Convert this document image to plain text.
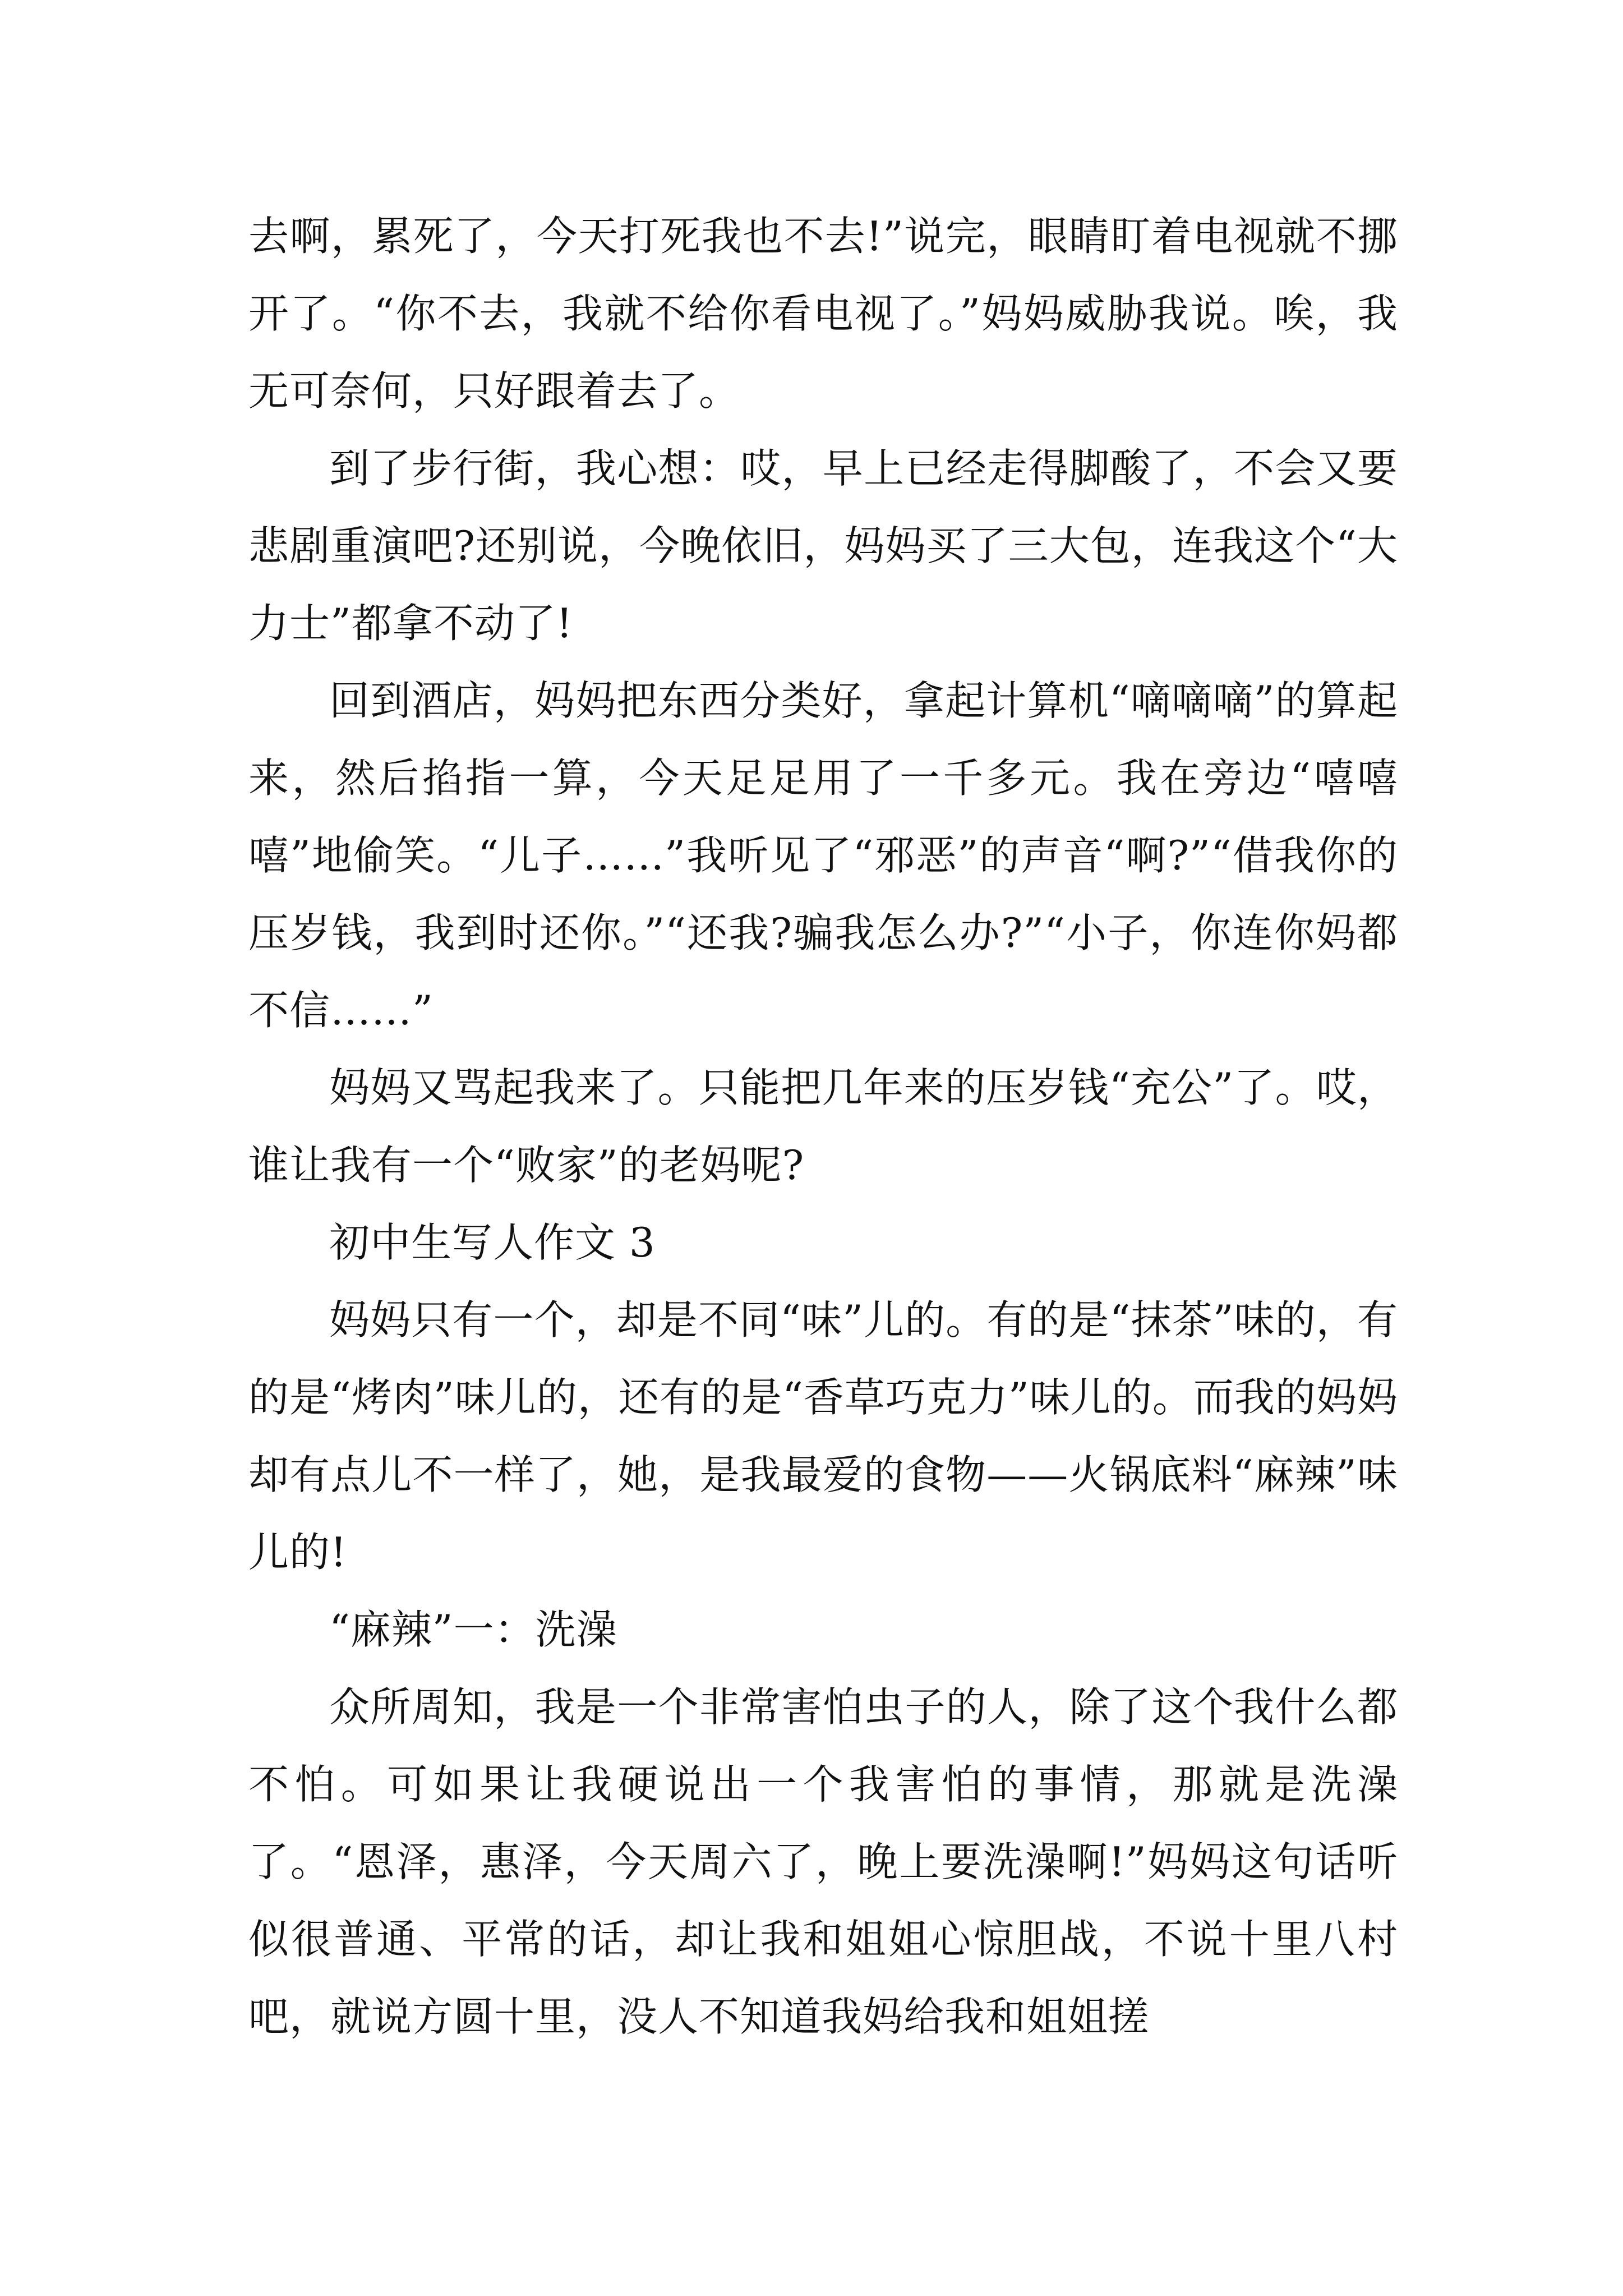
去啊，累死了，今天打死我也不去!”说完，眼睛盯着电视就不挪开了。“你不去，我就不给你看电视了。”妈妈威胁我说。唉，我无可奈何，只好跟着去了。

到了步行街，我心想：哎，早上已经走得脚酸了，不会又要悲剧重演吧?还别说，今晚依旧，妈妈买了三大包，连我这个“大力士”都拿不动了!

回到酒店，妈妈把东西分类好，拿起计算机“嘀嘀嘀”的算起来，然后掐指一算，今天足足用了一千多元。我在旁边“嘻嘻嘻”地偷笑。“儿子……”我听见了“邪恶”的声音“啊?”“借我你的压岁钱，我到时还你。”“还我?骗我怎么办?”“小子，你连你妈都不信……”

妈妈又骂起我来了。只能把几年来的压岁钱“充公”了。哎，谁让我有一个“败家”的老妈呢?

初中生写人作文 3

妈妈只有一个，却是不同“味”儿的。有的是“抹茶”味的，有的是“烤肉”味儿的，还有的是“香草巧克力”味儿的。而我的妈妈却有点儿不一样了，她，是我最爱的食物——火锅底料“麻辣”味儿的!

“麻辣”一：洗澡

众所周知，我是一个非常害怕虫子的人，除了这个我什么都不怕。可如果让我硬说出一个我害怕的事情，那就是洗澡了。“恩泽，惠泽，今天周六了，晚上要洗澡啊!”妈妈这句话听似很普通、平常的话，却让我和姐姐心惊胆战，不说十里八村吧，就说方圆十里，没人不知道我妈给我和姐姐搓
